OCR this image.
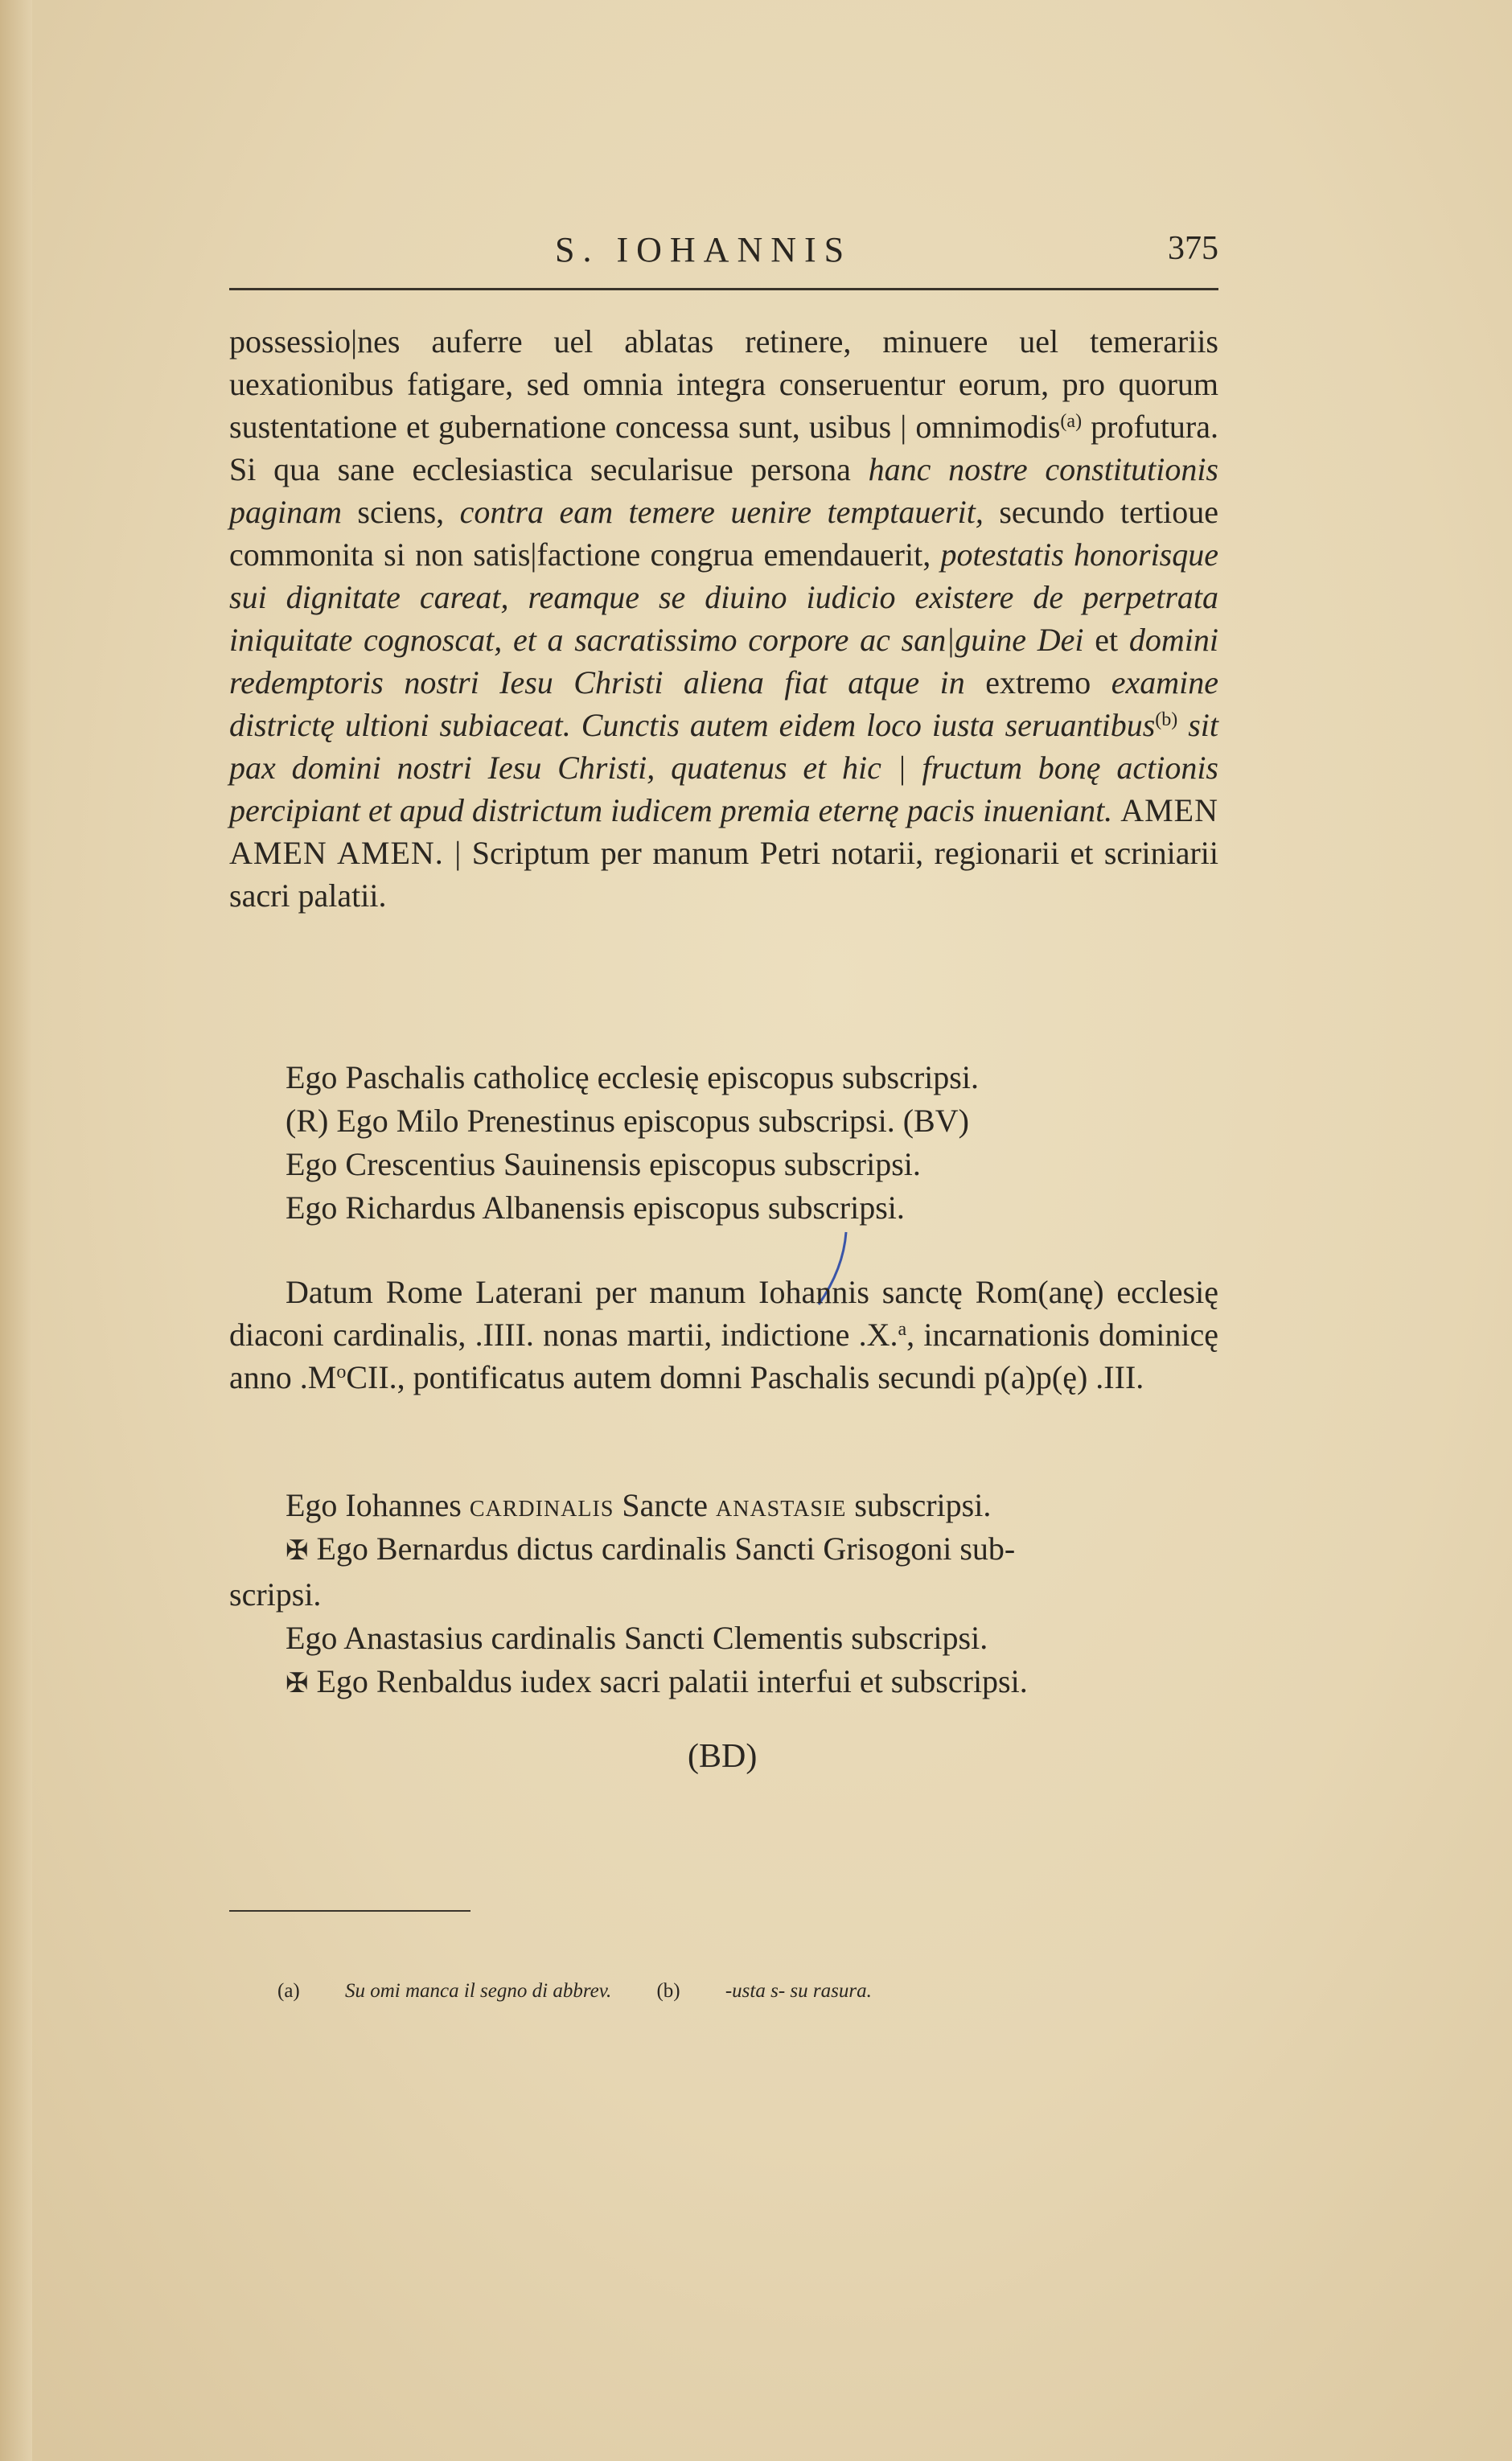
S. IOHANNIS	375

possessio|nes auferre uel ablatas retinere, minuere uel temerariis uexationibus fatigare, sed omnia integra conseruentur eorum, pro quorum sustentatione et gubernatione concessa sunt, usibus | omnimodis$^{(a)}$ profutura. Si qua sane ecclesiastica secularisue persona hanc nostre constitutionis paginam sciens, contra eam temere uenire temptauerit, secundo tertioue commonita si non satis|factione congrua emendauerit, potestatis honorisque sui dignitate careat, reamque se diuino iudicio existere de perpetrata iniquitate cognoscat, et a sacratissimo corpore ac san|guine Dei et domini redemptoris nostri Iesu Christi aliena fiat atque in extremo examine districtę ultioni subiaceat. Cunctis autem eidem loco iusta seruantibus$^{(b)}$ sit pax domini nostri Iesu Christi, quatenus et hic | fructum bonę actionis percipiant et apud districtum iudicem premia eternę pacis inueniant. AMEN AMEN AMEN. | Scriptum per manum Petri notarii, regionarii et scriniarii sacri palatii.

Ego Paschalis catholicę ecclesię episcopus subscripsi.
(R) Ego Milo Prenestinus episcopus subscripsi. (BV)
Ego Crescentius Sauinensis episcopus subscripsi.
Ego Richardus Albanensis episcopus subscripsi.

Datum Rome Laterani per manum Iohannis sanctę Rom(anę) ecclesię diaconi cardinalis, .IIII. nonas martii, indictione .X.$^a$, incarnationis dominicę anno $.M^oCII$., pontificatus autem domni Paschalis secundi p(a)p(ę) .III.

Ego Iohannes cardinalis Sancte anastasie subscripsi.
✠ Ego Bernardus dictus cardinalis Sancti Grisogoni sub-
scripsi.
Ego Anastasius cardinalis Sancti Clementis subscripsi.
✠ Ego Renbaldus iudex sacri palatii interfui et subscripsi.
(BD)
(a) Su omi manca il segno di abbrev. (b) -usta s- su rasura.
